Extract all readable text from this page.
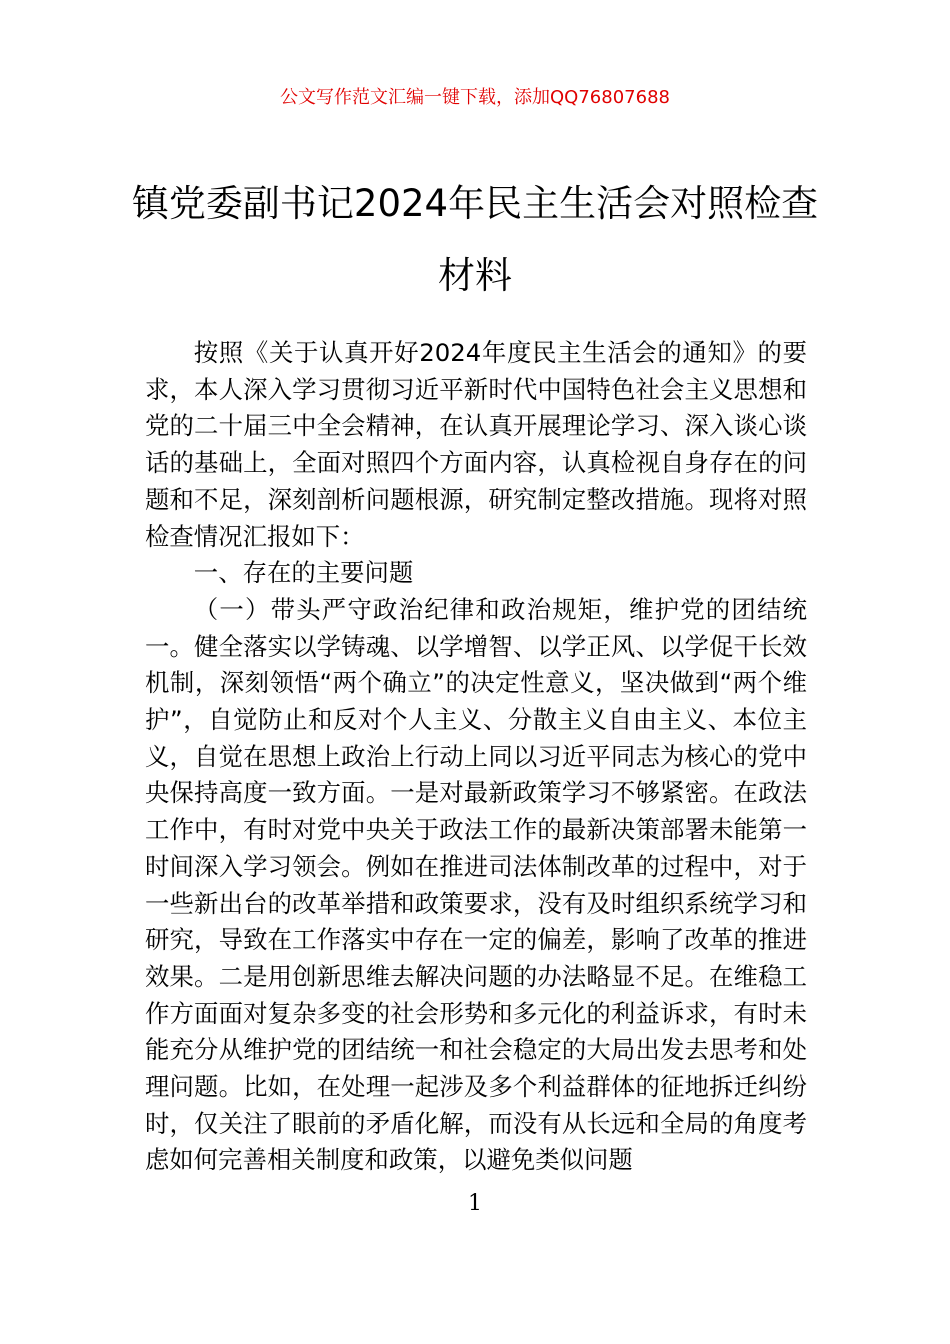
公文写作范文汇编一键下载，添加QQ76807688
镇党委副书记2024年民主生活会对照检查材料

按照《关于认真开好2024年度民主生活会的通知》的要求，本人深入学习贯彻习近平新时代中国特色社会主义思想和党的二十届三中全会精神，在认真开展理论学习、深入谈心谈话的基础上，全面对照四个方面内容，认真检视自身存在的问题和不足，深刻剖析问题根源，研究制定整改措施。现将对照检查情况汇报如下：

一、存在的主要问题

（一）带头严守政治纪律和政治规矩，维护党的团结统一。健全落实以学铸魂、以学增智、以学正风、以学促干长效机制，深刻领悟“两个确立”的决定性意义，坚决做到“两个维护”，自觉防止和反对个人主义、分散主义自由主义、本位主义，自觉在思想上政治上行动上同以习近平同志为核心的党中央保持高度一致方面。一是对最新政策学习不够紧密。在政法工作中，有时对党中央关于政法工作的最新决策部署未能第一时间深入学习领会。例如在推进司法体制改革的过程中，对于一些新出台的改革举措和政策要求，没有及时组织系统学习和研究，导致在工作落实中存在一定的偏差，影响了改革的推进效果。二是用创新思维去解决问题的办法略显不足。在维稳工作方面面对复杂多变的社会形势和多元化的利益诉求，有时未能充分从维护党的团结统一和社会稳定的大局出发去思考和处理问题。比如，在处理一起涉及多个利益群体的征地拆迁纠纷时，仅关注了眼前的矛盾化解，而没有从长远和全局的角度考虑如何完善相关制度和政策，以避免类似问题

1
